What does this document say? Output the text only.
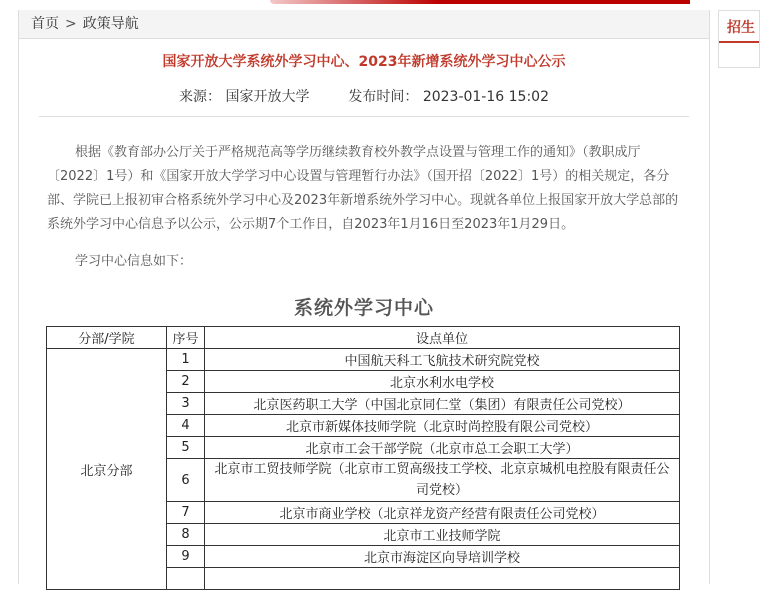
首页 > 政策导航
国家开放大学系统外学习中心、2023年新增系统外学习中心公示
来源： 国家开放大学	发布时间： 2023-01-16 15:02

根据《教育部办公厅关于严格规范高等学历继续教育校外教学点设置与管理工作的通知》（教职成厅〔2022〕1号）和《国家开放大学学习中心设置与管理暂行办法》（国开招〔2022〕1号）的相关规定，各分部、学院已上报初审合格系统外学习中心及2023年新增系统外学习中心。现就各单位上报国家开放大学总部的系统外学习中心信息予以公示，公示期7个工作日，自2023年1月16日至2023年1月29日。

学习中心信息如下：
系统外学习中心
分部/学院	序号	设点单位
北京分部	1	中国航天科工飞航技术研究院党校
	2	北京水利水电学校
	3	北京医药职工大学（中国北京同仁堂（集团）有限责任公司党校）
	4	北京市新媒体技师学院（北京时尚控股有限公司党校）
	5	北京市工会干部学院（北京市总工会职工大学）
	6	北京市工贸技师学院（北京市工贸高级技工学校、北京京城机电控股有限责任公司党校）
	7	北京市商业学校（北京祥龙资产经营有限责任公司党校）
	8	北京市工业技师学院
	9	北京市海淀区向导培训学校

招生
